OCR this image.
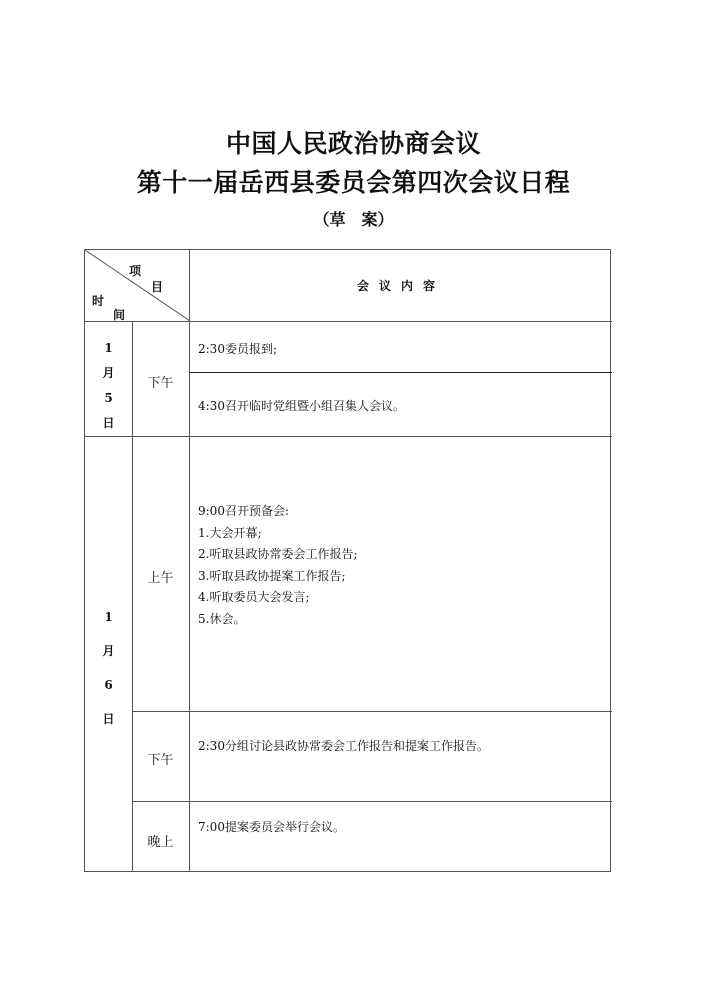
中国人民政治协商会议
第十一届岳西县委员会第四次会议日程
（草　案）
项
目
时
间
会议内容
1
月
5
日
下午
2:30委员报到;
4:30召开临时党组暨小组召集人会议。
1
月
6
日
上午
9:00召开预备会:
1.大会开幕;
2.听取县政协常委会工作报告;
3.听取县政协提案工作报告;
4.听取委员大会发言;
5.休会。
下午
2:30分组讨论县政协常委会工作报告和提案工作报告。
晚上
7:00提案委员会举行会议。
